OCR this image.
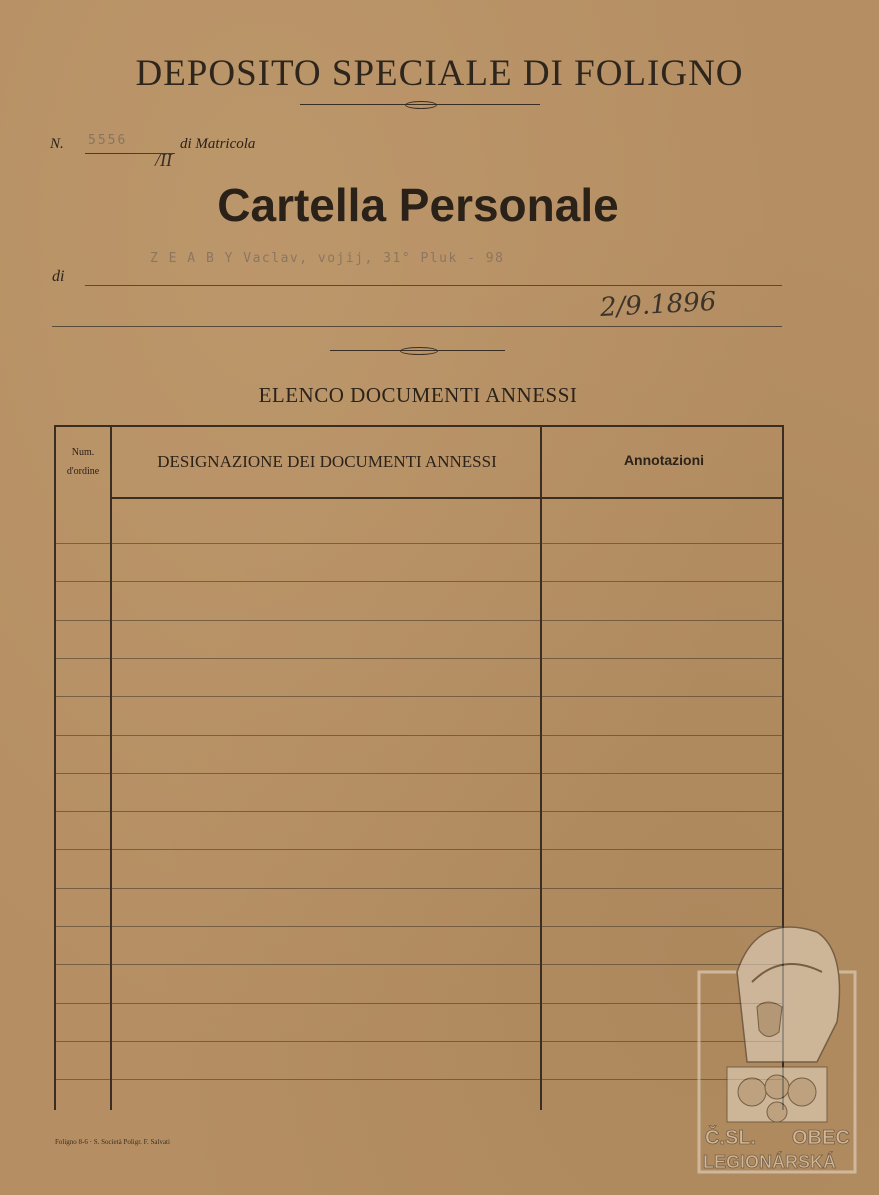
DEPOSITO SPECIALE DI FOLIGNO
N. 5556
/II
di Matricola
Cartella Personale
di
Z E A B Y Vaclav, vojij, 31° Pluk - 98
2/9.1896
ELENCO DOCUMENTI ANNESSI
Num.
d'ordine
DESIGNAZIONE DEI DOCUMENTI ANNESSI	Annotazioni
Foligno 8-6 · S. Società Poligr. F. Salvati	Č.SL. OBEC
LEGIONÁRSKÁ
